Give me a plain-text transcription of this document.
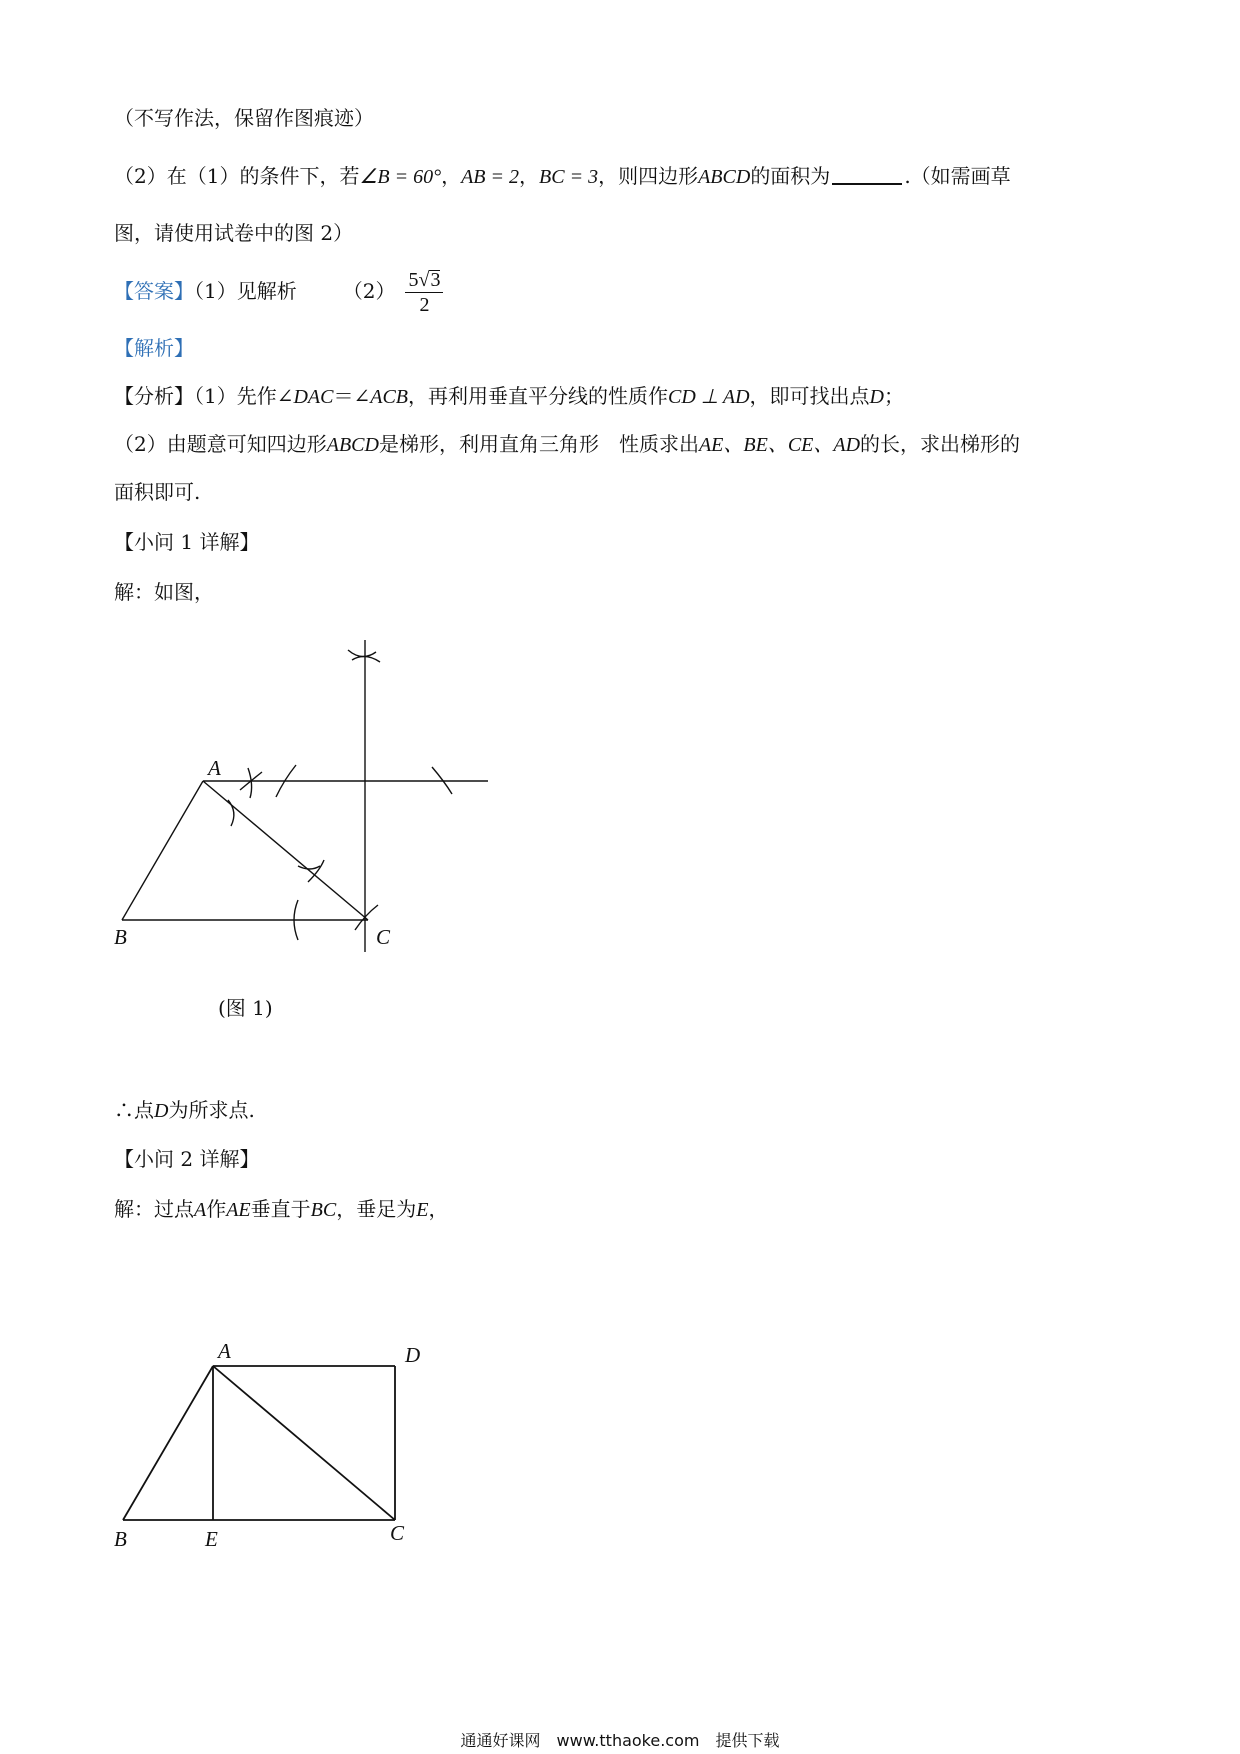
（不写作法，保留作图痕迹）
（2）在（1）的条件下，若∠B = 60°，AB = 2，BC = 3，则四边形ABCD的面积为	.（如需画草
图，请使用试卷中的图 2）
【答案】（1）见解析 $(2) \frac{5√3}{2}$
【解析】
【分析】（1）先作∠DAC＝∠ACB，再利用垂直平分线的性质作CD ⊥ AD，即可找出点D；
（2）由题意可知四边形ABCD是梯形，利用直角三角形　性质求出AE、BE、CE、AD的长，求出梯形的
面积即可.
【小问 1 详解】
解：如图，
A
B	C
(图 1)
∴点D为所求点.
【小问 2 详解】
解：过点A作AE垂直于BC，垂足为E，
A	D
B	E	C
通通好课网　www.tthaoke.com　提供下载
